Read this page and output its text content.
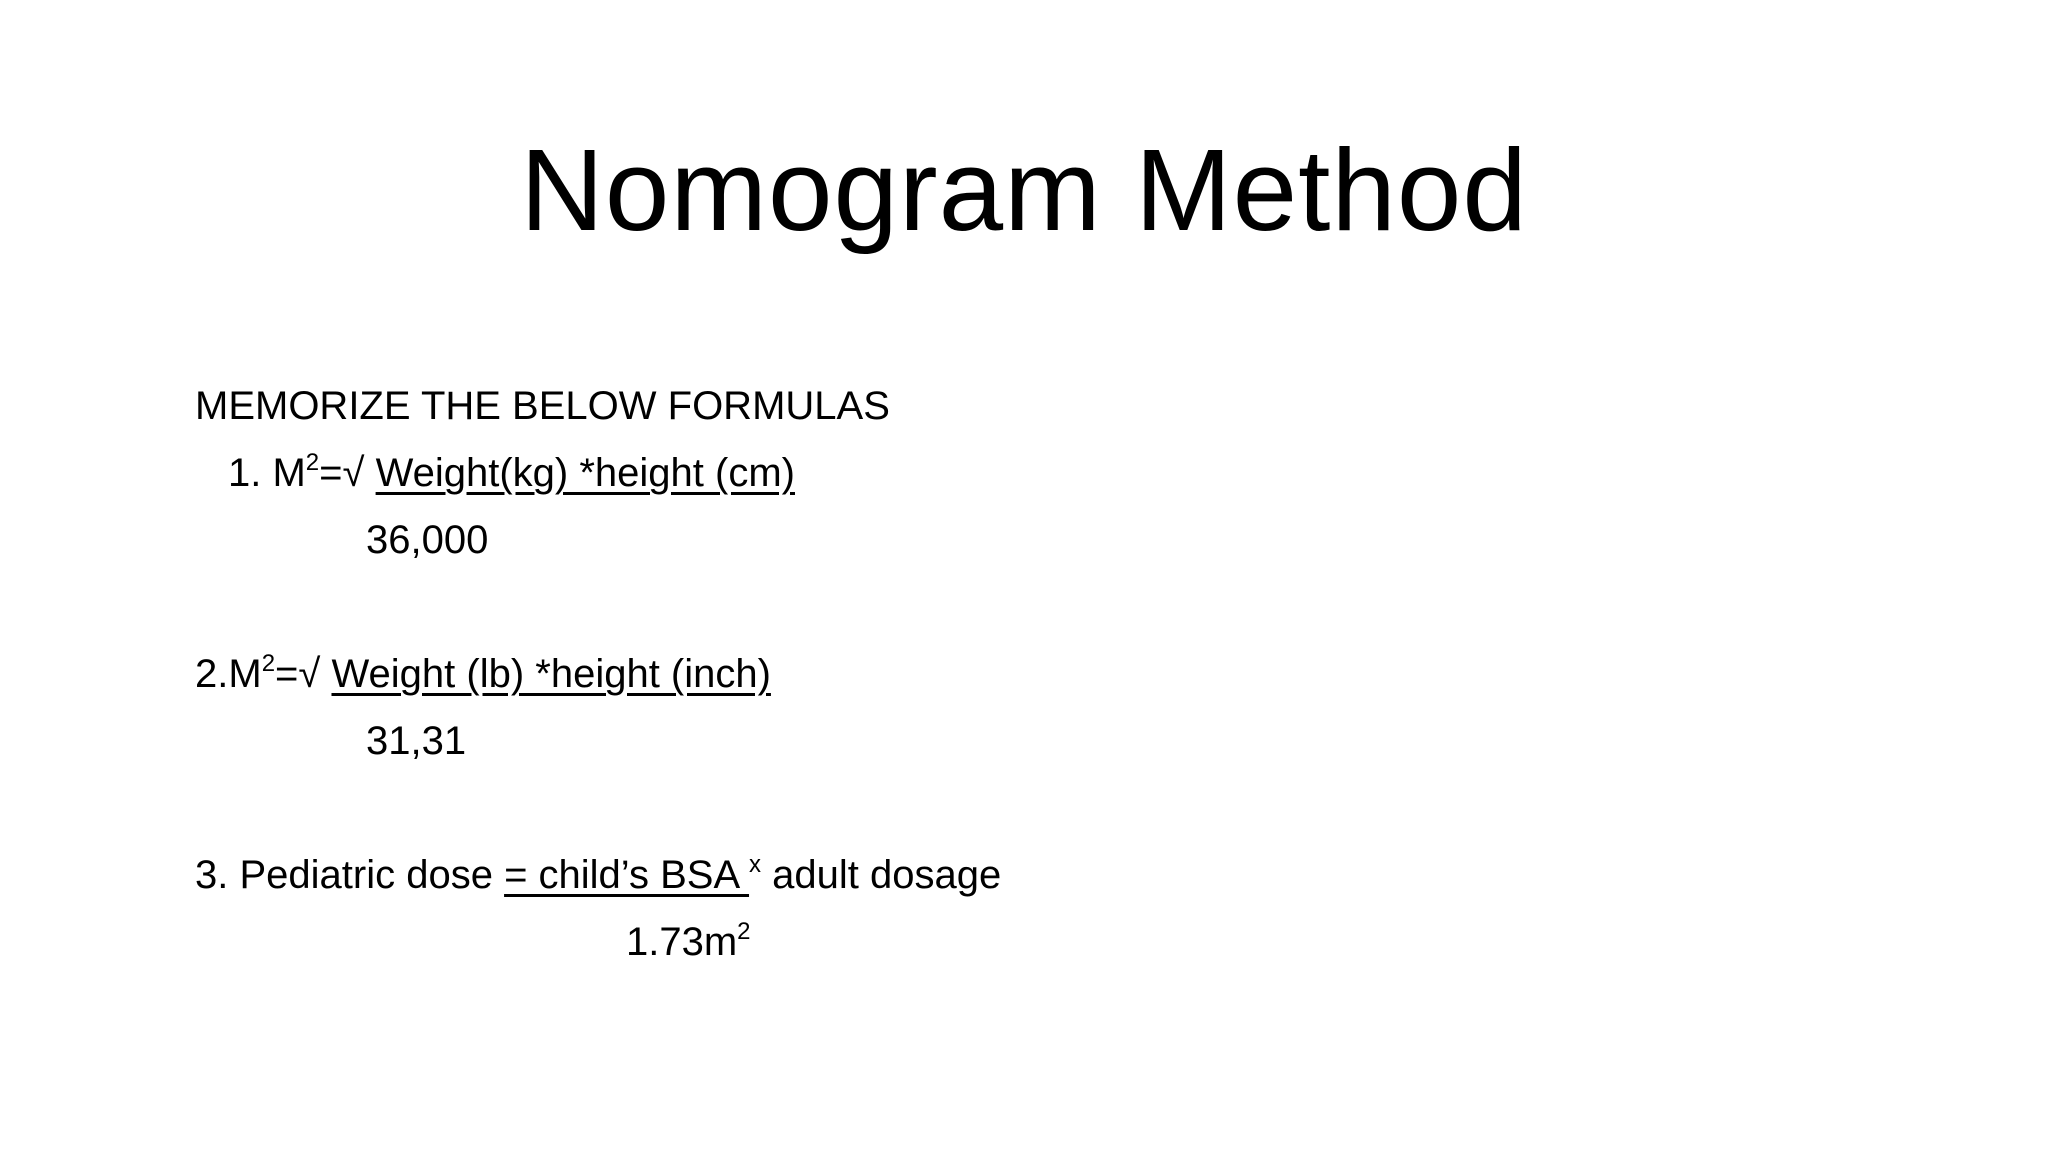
Nomogram Method
MEMORIZE THE BELOW FORMULAS
1. $M^2=√$ Weight(kg) *height (cm)
36,000
$2.M^2=√$ Weight (lb) *height (inch)
31,31
3. Pediatric dose = child’s BSA $^x$ adult dosage
$1.73m^2$
